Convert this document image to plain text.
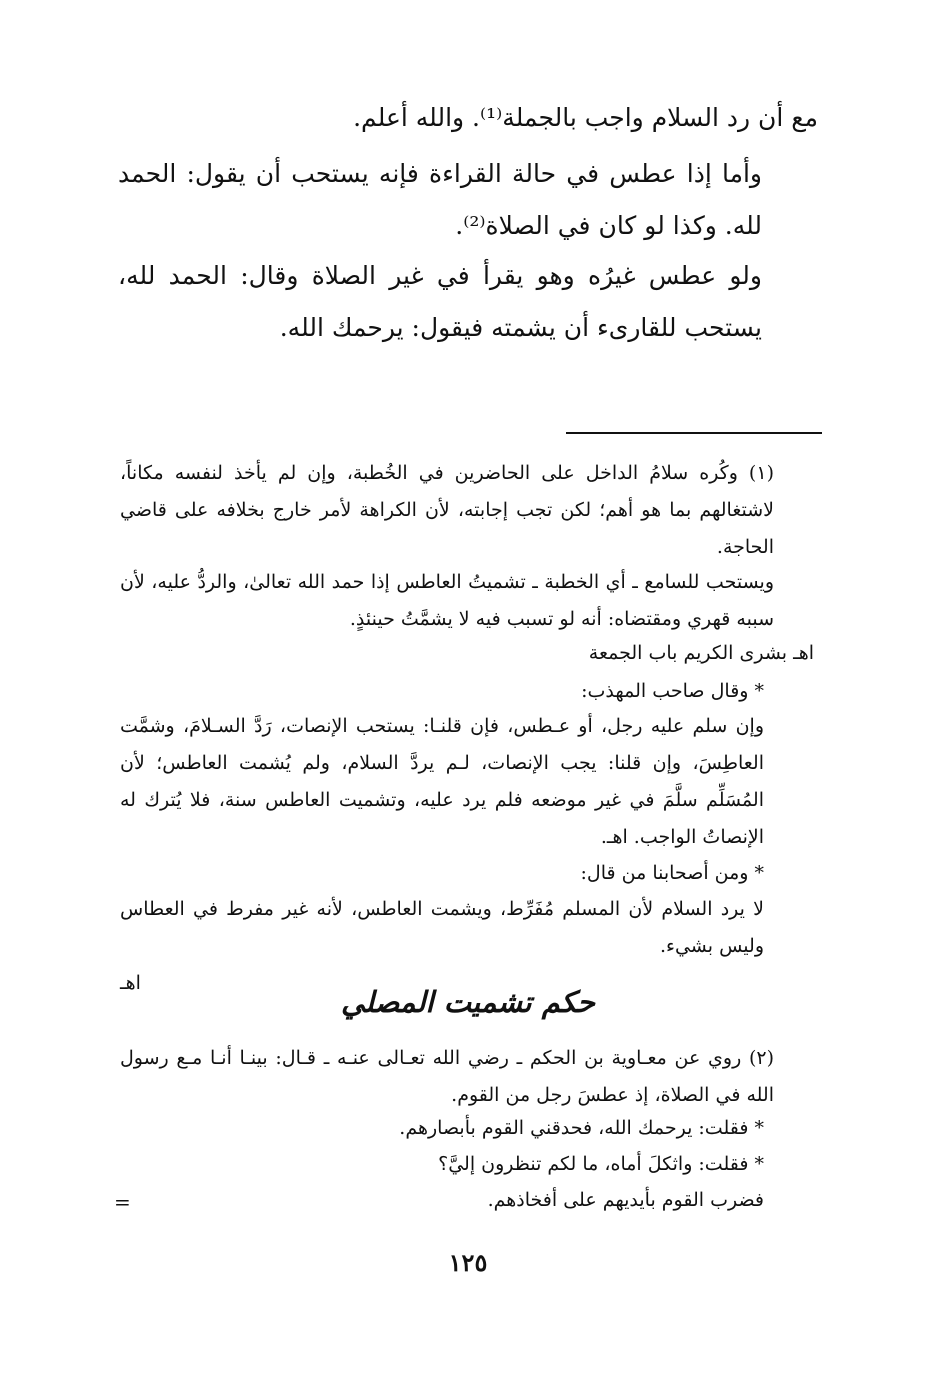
مع أن رد السلام واجب بالجملة⁽¹⁾. والله أعلم.

وأما إذا عطس في حالة القراءة فإنه يستحب أن يقول: الحمد لله. وكذا لو كان في الصلاة⁽²⁾.

ولو عطس غيرُه وهو يقرأ في غير الصلاة وقال: الحمد لله، يستحب للقارىء أن يشمته فيقول: يرحمك الله.

(١) وكُره سلامُ الداخل على الحاضرين في الخُطبة، وإن لم يأخذ لنفسه مكاناً، لاشتغالهم بما هو أهم؛ لكن تجب إجابته، لأن الكراهة لأمر خارج بخلافه على قاضي الحاجة.

ويستحب للسامع ـ أي الخطبة ـ تشميتُ العاطس إذا حمد الله تعالىٰ، والردُّ عليه، لأن سببه قهري ومقتضاه: أنه لو تسبب فيه لا يشمَّتُ حينئذٍ.

اهـ بشرى الكريم باب الجمعة

* وقال صاحب المهذب:

وإن سلم عليه رجل، أو عـطس، فإن قلنـا: يستحب الإنصات، رَدَّ السـلامَ، وشمَّت العاطِسَ، وإن قلنا: يجب الإنصات، لـم يردَّ السلام، ولم يُشمت العاطس؛ لأن المُسَلِّم سلَّمَ في غير موضعه فلم يرد عليه، وتشميت العاطس سنة، فلا يُترك له الإنصاتُ الواجب. اهـ.

* ومن أصحابنا من قال:

لا يرد السلام لأن المسلم مُفَرِّط، ويشمت العاطس، لأنه غير مفرط في العطاس وليس بشيء.

اهـ

حكم تشميت المصلي

(٢) روي عن معـاوية بن الحكم ـ رضي الله تعـالى عنـه ـ قـال: بينـا أنـا مـع رسول الله في الصلاة، إذ عطسَ رجل من القوم.

* فقلت: يرحمك الله، فحدقني القوم بأبصارهم.

* فقلت: واثكلَ أماه، ما لكم تنظرون إليَّ؟

فضرب القوم بأيديهم على أفخاذهم.

=

١٢٥
